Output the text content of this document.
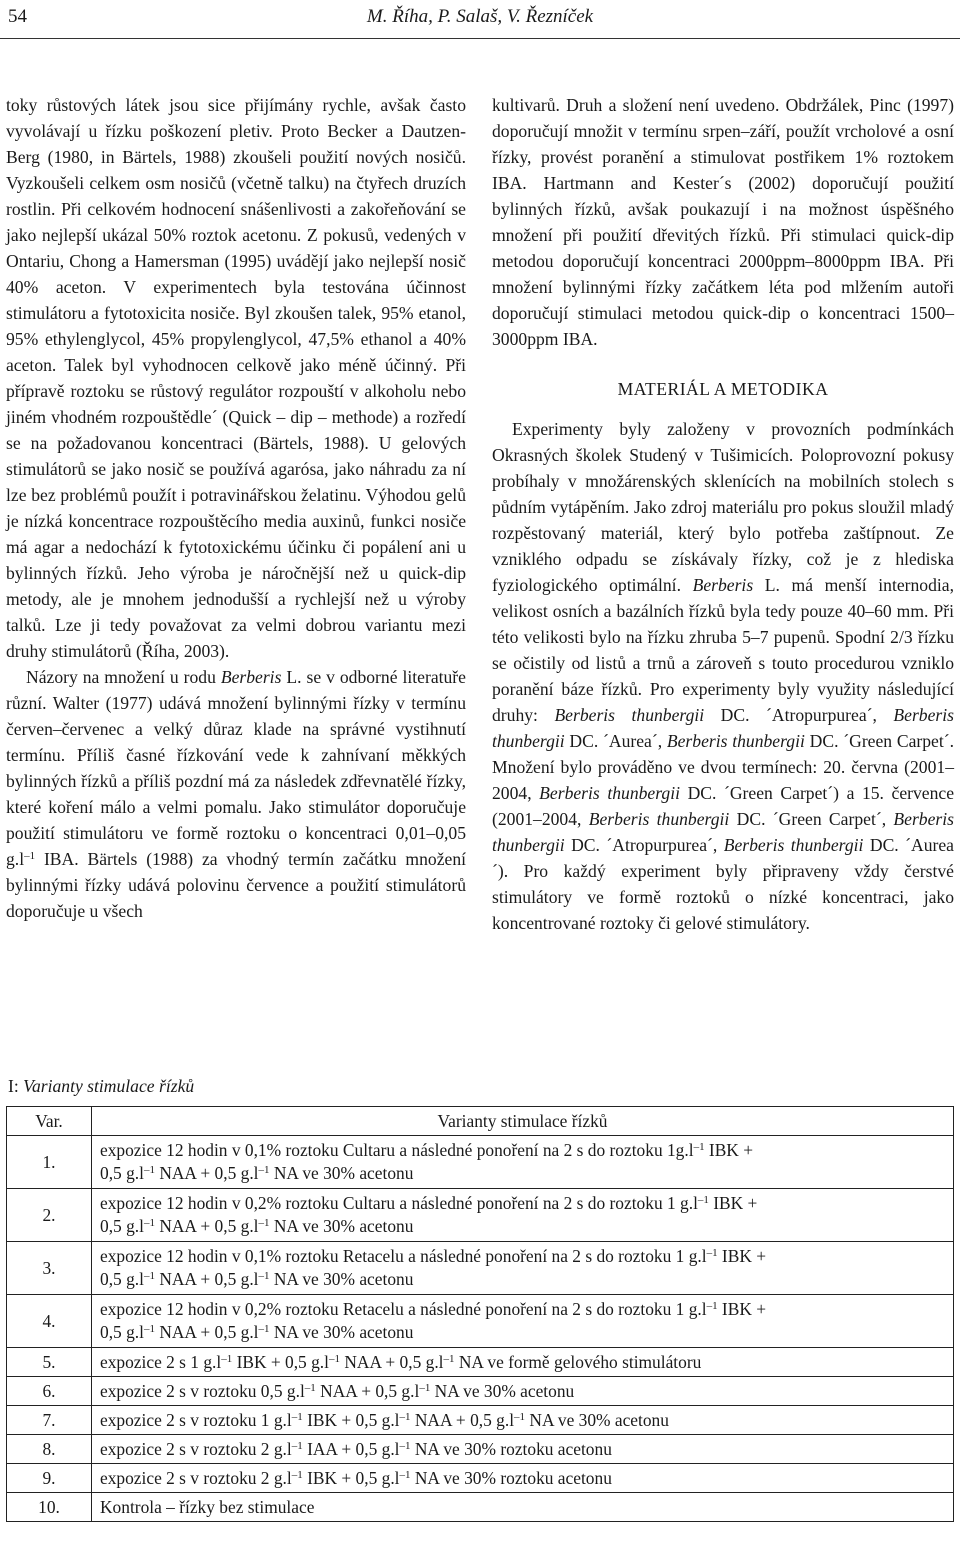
54	M. Říha, P. Salaš, V. Řezníček

toky růstových látek jsou sice přijímány rychle, avšak často vyvolávají u řízku poškození pletiv. Proto Becker a Dautzen-Berg (1980, in Bärtels, 1988) zkoušeli použití nových nosičů. Vyzkoušeli celkem osm nosičů (včetně talku) na čtyřech druzích rostlin. Při celkovém hodnocení snášenlivosti a zakořeňování se jako nejlepší ukázal 50% roztok acetonu. Z pokusů, vedených v Ontariu, Chong a Hamersman (1995) uvádějí jako nejlepší nosič 40% aceton. V experimentech byla testována účinnost stimulátoru a fytotoxicita nosiče. Byl zkoušen talek, 95% etanol, 95% ethylenglycol, 45% propylenglycol, 47,5% ethanol a 40% aceton. Talek byl vyhodnocen celkově jako méně účinný. Při přípravě roztoku se růstový regulátor rozpouští v alkoholu nebo jiném vhodném rozpouštědle´ (Quick – dip – methode) a rozředí se na požadovanou koncentraci (Bärtels, 1988). U gelových stimulátorů se jako nosič se používá agarósa, jako náhradu za ní lze bez problémů použít i potravinářskou želatinu. Výhodou gelů je nízká koncentrace rozpouštěcího media auxinů, funkci nosiče má agar a nedochází k fytotoxickému účinku či popálení ani u bylinných řízků. Jeho výroba je náročnější než u quick-dip metody, ale je mnohem jednodušší a rychlejší než u výroby talků. Lze ji tedy považovat za velmi dobrou variantu mezi druhy stimulátorů (Říha, 2003).

Názory na množení u rodu Berberis L. se v odborné literatuře různí. Walter (1977) udává množení bylinnými řízky v termínu červen–červenec a velký důraz klade na správné vystihnutí termínu. Příliš časné řízkování vede k zahnívaní měkkých bylinných řízků a příliš pozdní má za následek zdřevnatělé řízky, které koření málo a velmi pomalu. Jako stimulátor doporučuje použití stimulátoru ve formě roztoku o koncentraci 0,01–0,05 $g.l^{-1}$ IBA. Bärtels (1988) za vhodný termín začátku množení bylinnými řízky udává polovinu července a použití stimulátorů doporučuje u všech

kultivarů. Druh a složení není uvedeno. Obdržálek, Pinc (1997) doporučují množit v termínu srpen–září, použít vrcholové a osní řízky, provést poranění a stimulovat postřikem 1% roztokem IBA. Hartmann and Kester´s (2002) doporučují použití bylinných řízků, avšak poukazují i na možnost úspěšného množení při použití dřevitých řízků. Při stimulaci quick-dip metodou doporučují koncentraci 2000ppm–8000ppm IBA. Při množení bylinnými řízky začátkem léta pod mlžením autoři doporučují stimulaci metodou quick-dip o koncentraci 1500–3000ppm IBA.

MATERIÁL A METODIKA

Experimenty byly založeny v provozních podmínkách Okrasných školek Studený v Tušimicích. Poloprovozní pokusy probíhaly v množárenských sklenících na mobilních stolech s půdním vytápěním. Jako zdroj materiálu pro pokus sloužil mladý rozpěstovaný materiál, který bylo potřeba zaštípnout. Ze vzniklého odpadu se získávaly řízky, což je z hlediska fyziologického optimální. Berberis L. má menší internodia, velikost osních a bazálních řízků byla tedy pouze 40–60 mm. Při této velikosti bylo na řízku zhruba 5–7 pupenů. Spodní 2/3 řízku se očistily od listů a trnů a zároveň s touto procedurou vzniklo poranění báze řízků. Pro experimenty byly využity následující druhy: Berberis thunbergii DC. ´Atropurpurea´, Berberis thunbergii DC. ´Aurea´, Berberis thunbergii DC. ´Green Carpet´. Množení bylo prováděno ve dvou termínech: 20. června (2001–2004, Berberis thunbergii DC. ´Green Carpet´) a 15. července (2001–2004, Berberis thunbergii DC. ´Green Carpet´, Berberis thunbergii DC. ´Atropurpurea´, Berberis thunbergii DC. ´Aurea´). Pro každý experiment byly připraveny vždy čerstvé stimulátory ve formě roztoků o nízké koncentraci, jako koncentrované roztoky či gelové stimulátory.

I: Varianty stimulace řízků
Var.	Varianty stimulace řízků
1.	expozice 12 hodin v 0,1% roztoku Cultaru a následné ponoření na 2 s do roztoku $1g.l^{-1}$ IBK +
0,5 $g.l^{-1}$ NAA + 0,5 $g.l^{-1}$ NA ve 30% acetonu

2.	expozice 12 hodin v 0,2% roztoku Cultaru a následné ponoření na 2 s do roztoku 1 $g.l^{-1}$ IBK +
0,5 $g.l^{-1}$ NAA + 0,5 $g.l^{-1}$ NA ve 30% acetonu

3.	expozice 12 hodin v 0,1% roztoku Retacelu a následné ponoření na 2 s do roztoku 1 $g.l^{-1}$ IBK +
0,5 $g.l^{-1}$ NAA + 0,5 $g.l^{-1}$ NA ve 30% acetonu

4.	expozice 12 hodin v 0,2% roztoku Retacelu a následné ponoření na 2 s do roztoku 1 $g.l^{-1}$ IBK +
0,5 $g.l^{-1}$ NAA + 0,5 $g.l^{-1}$ NA ve 30% acetonu

5.	expozice 2 s 1 $g.l^{-1}$ IBK + 0,5 $g.l^{-1}$ NAA + 0,5 $g.l^{-1}$ NA ve formě gelového stimulátoru
6.	expozice 2 s v roztoku 0,5 $g.l^{-1}$ NAA + 0,5 $g.l^{-1}$ NA ve 30% acetonu
7.	expozice 2 s v roztoku 1 $g.l^{-1}$ IBK + 0,5 $g.l^{-1}$ NAA + 0,5 $g.l^{-1}$ NA ve 30% acetonu
8.	expozice 2 s v roztoku 2 $g.l^{-1}$ IAA + 0,5 $g.l^{-1}$ NA ve 30% roztoku acetonu
9.	expozice 2 s v roztoku 2 $g.l^{-1}$ IBK + 0,5 $g.l^{-1}$ NA ve 30% roztoku acetonu
10.	Kontrola – řízky bez stimulace
